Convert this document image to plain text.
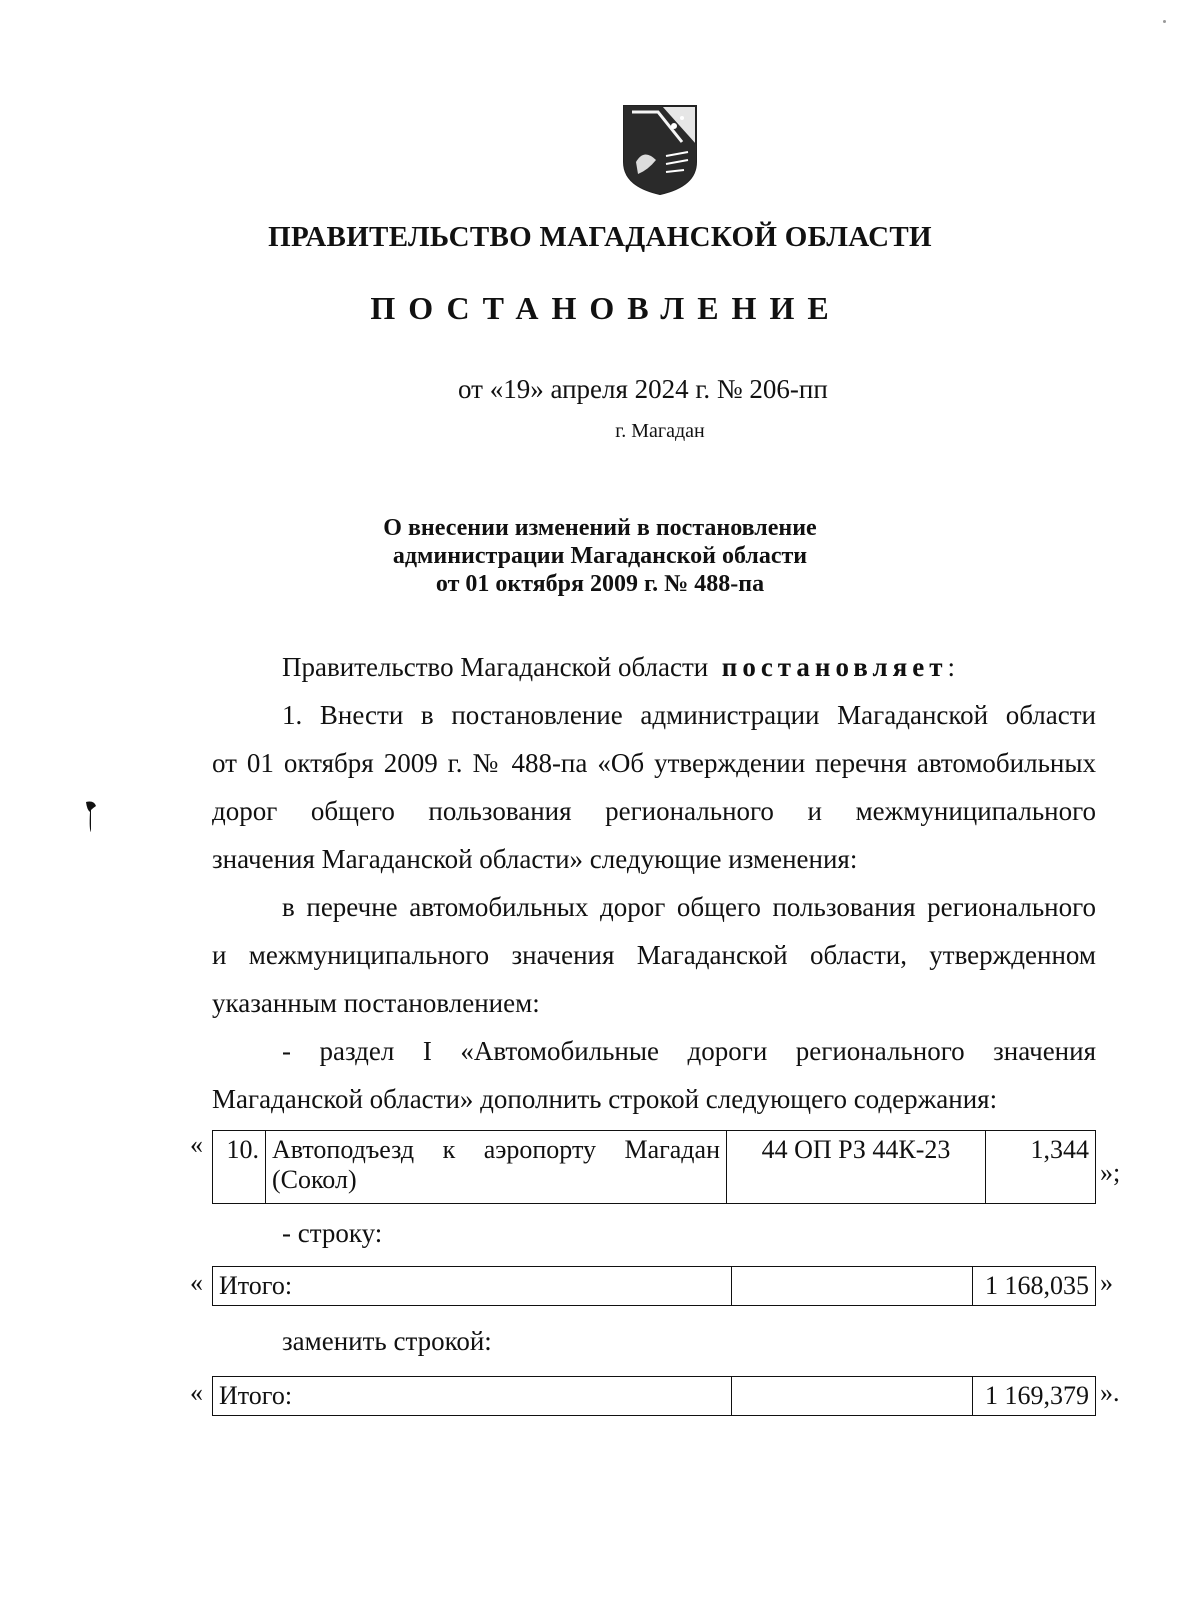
ПРАВИТЕЛЬСТВО МАГАДАНСКОЙ ОБЛАСТИ
ПОСТАНОВЛЕНИЕ
от «19» апреля 2024 г. № 206-пп
г. Магадан
О внесении изменений в постановление
администрации Магаданской области
от 01 октября 2009 г. № 488-па
Правительство Магаданской области постановляет:
1. Внести в постановление администрации Магаданской области
от 01 октября 2009 г. № 488-па «Об утверждении перечня автомобильных
дорог общего пользования регионального и межмуниципального
значения Магаданской области» следующие изменения:
в перечне автомобильных дорог общего пользования регионального
и межмуниципального значения Магаданской области, утвержденном
указанным постановлением:
- раздел I «Автомобильные дороги регионального значения
Магаданской области» дополнить строкой следующего содержания:
« 10.	Автоподъезд к аэропорту Магадан (Сокол)	44 ОП РЗ 44К-23	1,344
»;
- строку:
« Итого:		1 168,035 »
заменить строкой:
« Итого:		1 169,379 ».
